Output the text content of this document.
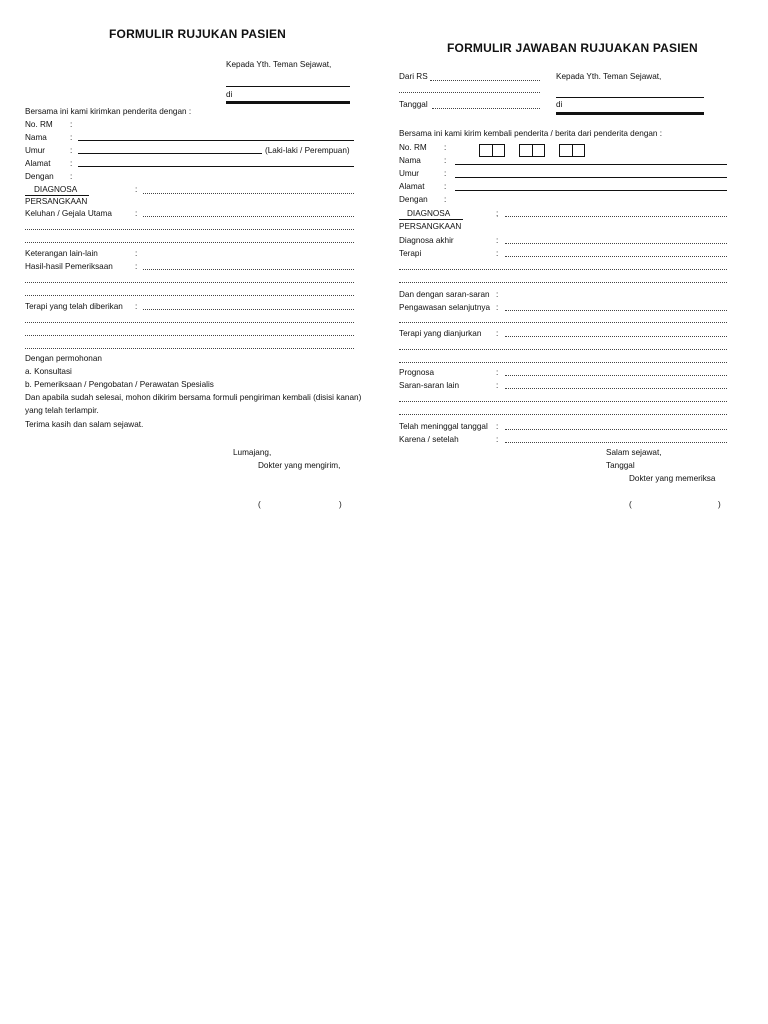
FORMULIR RUJUKAN PASIEN
Kepada Yth. Teman Sejawat,
di
Bersama ini kami kirimkan penderita dengan :
No. RM :
Nama	:
Umur	:	(Laki-laki / Perempuan)
Alamat :
Dengan :
DIAGNOSA	:
PERSANGKAAN
Keluhan / Gejala Utama	:
Keterangan lain-lain	:
Hasil-hasil Pemeriksaan	:
Terapi yang telah diberikan :
Dengan permohonan
a. Konsultasi
b. Pemeriksaan / Pengobatan / Perawatan Spesialis
Dan apabila sudah selesai, mohon dikirim bersama formuli pengiriman kembali (disisi kanan)
yang telah terlampir.
Terima kasih dan salam sejawat.
Lumajang,
Dokter yang mengirim,
(	)
FORMULIR JAWABAN RUJUAKAN PASIEN
Dari RS	Kepada Yth. Teman Sejawat,
Tanggal	di
Bersama ini kami kirim kembali penderita / berita dari penderita dengan :
No. RM :
Nama	:
Umur	:
Alamat :
Dengan :
DIAGNOSA	;
PERSANGKAAN
Diagnosa akhir	:
Terapi	:
Dan dengan saran-saran :
Pengawasan selanjutnya :
Terapi yang dianjurkan :
Prognosa	:
Saran-saran lain	:
Telah meninggal tanggal :
Karena / setelah	:
Salam sejawat,
Tanggal
Dokter yang memeriksa
(	)
